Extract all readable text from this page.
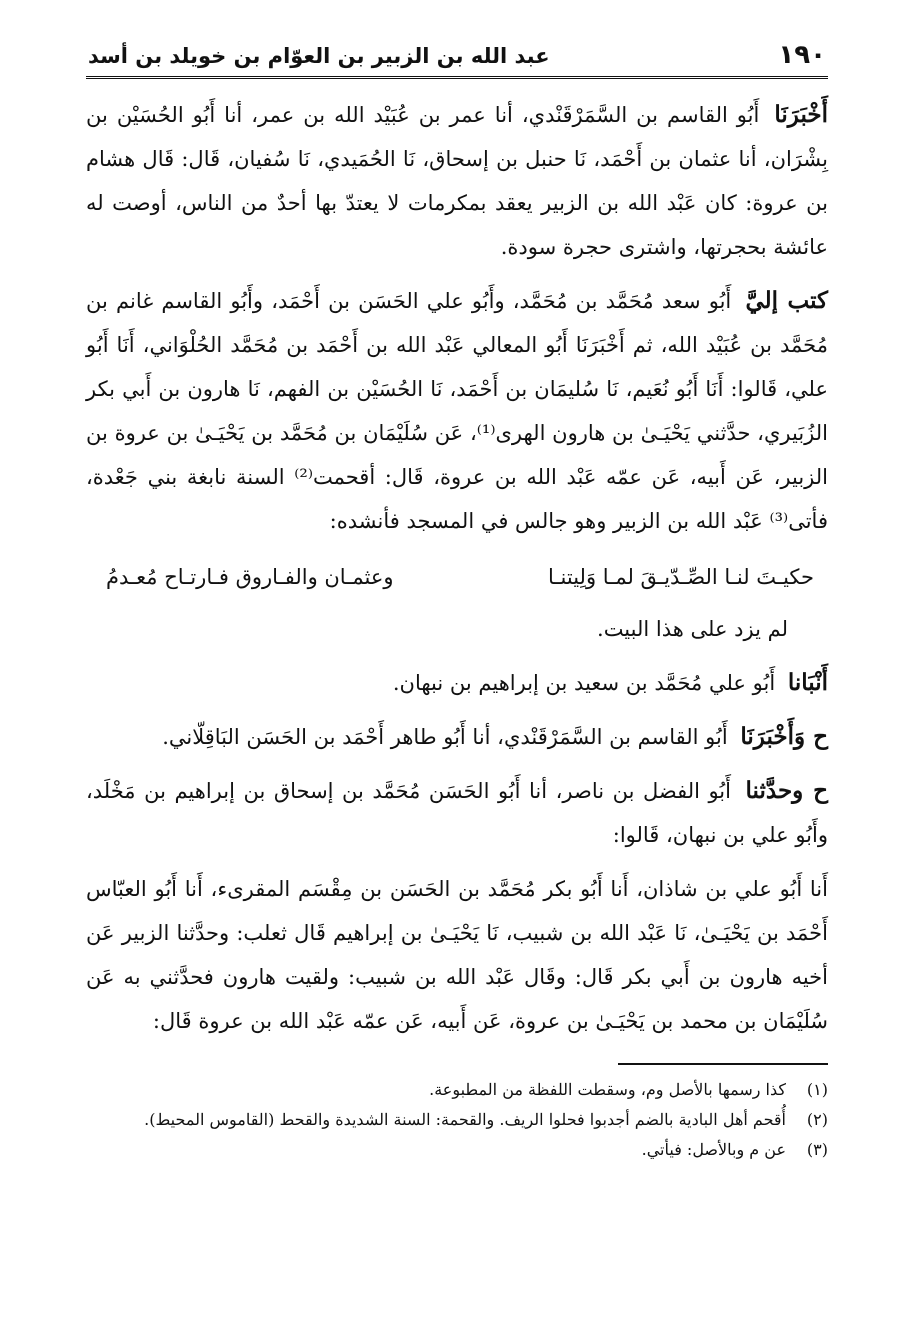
١٩٠
عبد الله بن الزبير بن العوّام بن خويلد بن أسد

أَخْبَرَنَا أَبُو القاسم بن السَّمَرْقَنْدي، أنا عمر بن عُبَيْد الله بن عمر، أنا أَبُو الحُسَيْن بن بِشْرَان، أنا عثمان بن أَحْمَد، نَا حنبل بن إسحاق، نَا الحُمَيدي، نَا سُفيان، قَال: قَال هشام بن عروة: كان عَبْد الله بن الزبير يعقد بمكرمات لا يعتدّ بها أحدٌ من الناس، أوصت له عائشة بحجرتها، واشترى حجرة سودة.

كتب إليَّ أَبُو سعد مُحَمَّد بن مُحَمَّد، وأَبُو علي الحَسَن بن أَحْمَد، وأَبُو القاسم غانم بن مُحَمَّد بن عُبَيْد الله، ثم أَخْبَرَنَا أَبُو المعالي عَبْد الله بن أَحْمَد بن مُحَمَّد الحُلْوَاني، أَنَا أَبُو علي، قَالوا: أَنَا أَبُو نُعَيم، نَا سُليمَان بن أَحْمَد، نَا الحُسَيْن بن الفهم، نَا هارون بن أَبي بكر الزُبَيري، حدَّثني يَحْيَـىٰ بن هارون الهرى⁽¹⁾، عَن سُلَيْمَان بن مُحَمَّد بن يَحْيَـىٰ بن عروة بن الزبير، عَن أَبيه، عَن عمّه عَبْد الله بن عروة، قَال: أقحمت⁽²⁾ السنة نابغة بني جَعْدة، فأتى⁽³⁾ عَبْد الله بن الزبير وهو جالس في المسجد فأنشده:

حكيـتَ لنـا الصِّـدّيـقَ لمـا وَلِيتنـا
وعثمـان والفـاروق فـارتـاح مُعـدمُ

لم يزد على هذا البيت.

أَنْبَانا أَبُو علي مُحَمَّد بن سعيد بن إبراهيم بن نبهان.

ح وَأَخْبَرَنَا أَبُو القاسم بن السَّمَرْقَنْدي، أنا أَبُو طاهر أَحْمَد بن الحَسَن البَاقِلّاني.

ح وحدَّثنا أَبُو الفضل بن ناصر، أنا أَبُو الحَسَن مُحَمَّد بن إسحاق بن إبراهيم بن مَخْلَد، وأَبُو علي بن نبهان، قَالوا:

أَنا أَبُو علي بن شاذان، أَنا أَبُو بكر مُحَمَّد بن الحَسَن بن مِقْسَم المقرىء، أَنا أَبُو العبّاس أَحْمَد بن يَحْيَـىٰ، نَا عَبْد الله بن شبيب، نَا يَحْيَـىٰ بن إبراهيم قَال ثعلب: وحدَّثنا الزبير عَن أخيه هارون بن أَبي بكر قَال: وقَال عَبْد الله بن شبيب: ولقيت هارون فحدَّثني به عَن سُلَيْمَان بن محمد بن يَحْيَـىٰ بن عروة، عَن أَبيه، عَن عمّه عَبْد الله بن عروة قَال:

(١)
كذا رسمها بالأصل وم، وسقطت اللفظة من المطبوعة.
(٢)
أُقحم أهل البادية بالضم أجدبوا فحلوا الريف. والقحمة: السنة الشديدة والقحط (القاموس المحيط).
(٣)
عن م وبالأصل: فيأتي.
